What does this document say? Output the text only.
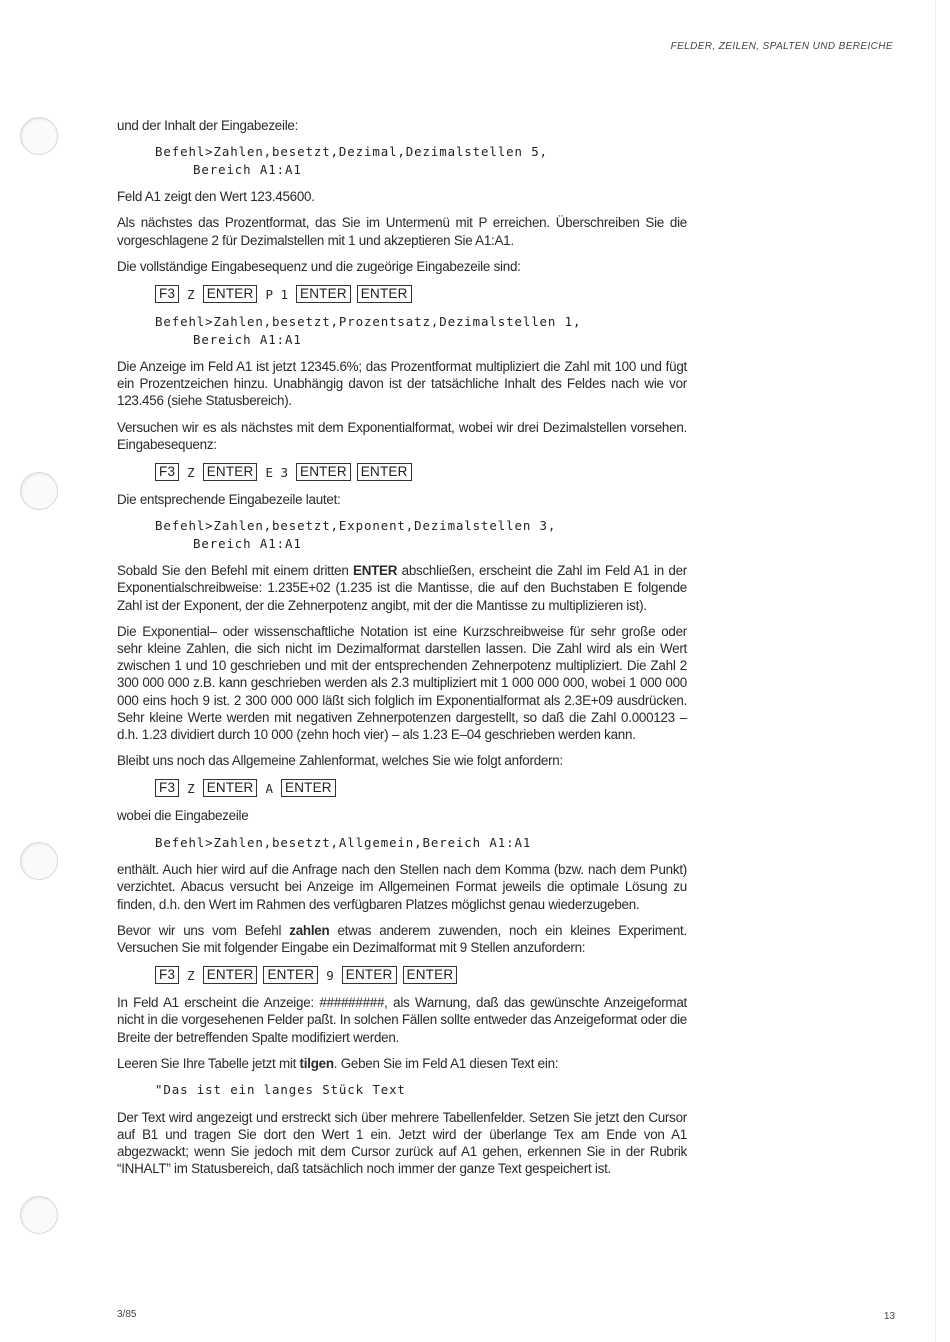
FELDER, ZEILEN, SPALTEN UND BEREICHE

und der Inhalt der Eingabezeile:

Befehl>Zahlen,besetzt,Dezimal,Dezimalstellen 5,
Bereich A1:A1

Feld A1 zeigt den Wert 123.45600.

Als nächstes das Prozentformat, das Sie im Untermenü mit P erreichen. Überschreiben Sie die vorgeschlagene 2 für Dezimalstellen mit 1 und akzeptieren Sie A1:A1.

Die vollständige Eingabesequenz und die zugeörige Eingabezeile sind:

F3 Z ENTER P 1 ENTER ENTER
Befehl>Zahlen,besetzt,Prozentsatz,Dezimalstellen 1,
Bereich A1:A1

Die Anzeige im Feld A1 ist jetzt 12345.6%; das Prozentformat multipliziert die Zahl mit 100 und fügt ein Prozentzeichen hinzu. Unabhängig davon ist der tatsächliche Inhalt des Feldes nach wie vor 123.456 (siehe Statusbereich).

Versuchen wir es als nächstes mit dem Exponentialformat, wobei wir drei Dezimalstellen vorsehen. Eingabesequenz:

F3 Z ENTER E 3 ENTER ENTER

Die entsprechende Eingabezeile lautet:

Befehl>Zahlen,besetzt,Exponent,Dezimalstellen 3,
Bereich A1:A1

Sobald Sie den Befehl mit einem dritten ENTER abschließen, erscheint die Zahl im Feld A1 in der Exponentialschreibweise: 1.235E+02 (1.235 ist die Mantisse, die auf den Buchstaben E folgende Zahl ist der Exponent, der die Zehnerpotenz angibt, mit der die Mantisse zu multiplizieren ist).

Die Exponential– oder wissenschaftliche Notation ist eine Kurzschreibweise für sehr große oder sehr kleine Zahlen, die sich nicht im Dezimalformat darstellen lassen. Die Zahl wird als ein Wert zwischen 1 und 10 geschrieben und mit der entsprechenden Zehnerpotenz multipliziert. Die Zahl 2 300 000 000 z.B. kann geschrieben werden als 2.3 multipliziert mit 1 000 000 000, wobei 1 000 000 000 eins hoch 9 ist. 2 300 000 000 läßt sich folglich im Exponentialformat als 2.3E+09 ausdrücken. Sehr kleine Werte werden mit negativen Zehnerpotenzen dargestellt, so daß die Zahl 0.000123 – d.h. 1.23 dividiert durch 10 000 (zehn hoch vier) – als 1.23 E–04 geschrieben werden kann.

Bleibt uns noch das Allgemeine Zahlenformat, welches Sie wie folgt anfordern:

F3 Z ENTER A ENTER

wobei die Eingabezeile

Befehl>Zahlen,besetzt,Allgemein,Bereich A1:A1

enthält. Auch hier wird auf die Anfrage nach den Stellen nach dem Komma (bzw. nach dem Punkt) verzichtet. Abacus versucht bei Anzeige im Allgemeinen Format jeweils die optimale Lösung zu finden, d.h. den Wert im Rahmen des verfügbaren Platzes möglichst genau wiederzugeben.

Bevor wir uns vom Befehl zahlen etwas anderem zuwenden, noch ein kleines Experiment. Versuchen Sie mit folgender Eingabe ein Dezimalformat mit 9 Stellen anzufordern:

F3 Z ENTER ENTER 9 ENTER ENTER

In Feld A1 erscheint die Anzeige: #########, als Warnung, daß das gewünschte Anzeigeformat nicht in die vorgesehenen Felder paßt. In solchen Fällen sollte entweder das Anzeigeformat oder die Breite der betreffenden Spalte modifiziert werden.

Leeren Sie Ihre Tabelle jetzt mit tilgen. Geben Sie im Feld A1 diesen Text ein:

"Das ist ein langes Stück Text

Der Text wird angezeigt und erstreckt sich über mehrere Tabellenfelder. Setzen Sie jetzt den Cursor auf B1 und tragen Sie dort den Wert 1 ein. Jetzt wird der überlange Tex am Ende von A1 abgezwackt; wenn Sie jedoch mit dem Cursor zurück auf A1 gehen, erkennen Sie in der Rubrik “INHALT” im Statusbereich, daß tatsächlich noch immer der ganze Text gespeichert ist.

3/85	13
